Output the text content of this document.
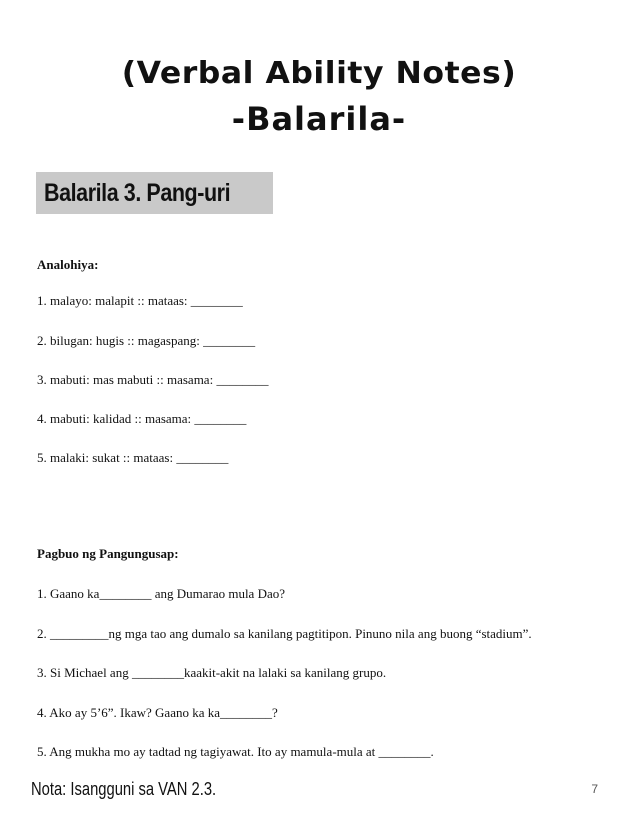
(Verbal Ability Notes)
-Balarila-
Balarila 3. Pang-uri
Analohiya:
1. malayo: malapit :: mataas: ________
2. bilugan: hugis :: magaspang: ________
3. mabuti: mas mabuti :: masama: ________
4. mabuti: kalidad :: masama: ________
5. malaki: sukat :: mataas: ________
Pagbuo ng Pangungusap:
1. Gaano ka________ ang Dumarao mula Dao?
2. _________ng mga tao ang dumalo sa kanilang pagtitipon. Pinuno nila ang buong “stadium”.
3. Si Michael ang ________kaakit-akit na lalaki sa kanilang grupo.
4. Ako ay 5’6”. Ikaw? Gaano ka ka________?
5. Ang mukha mo ay tadtad ng tagiyawat. Ito ay mamula-mula at ________.
Nota: Isangguni sa VAN 2.3.	7
